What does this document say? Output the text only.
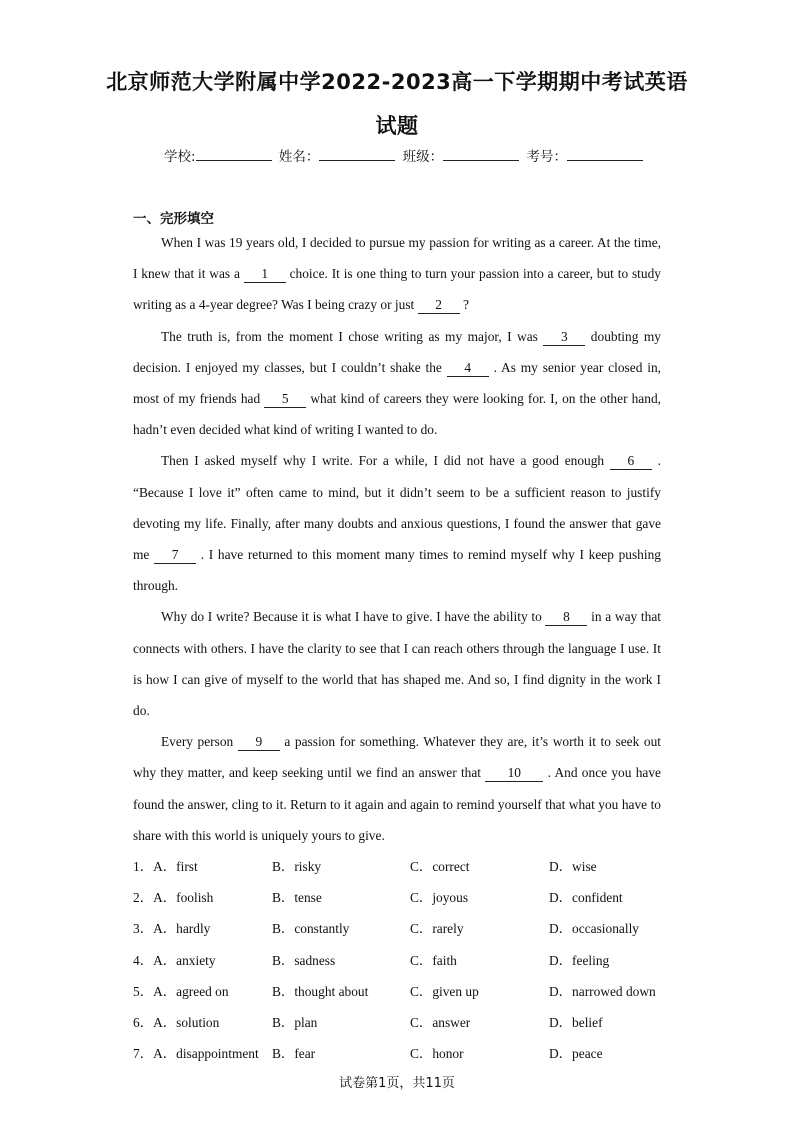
北京师范大学附属中学2022-2023高一下学期期中考试英语
试题
学校:	姓名：	班级：	考号：
一、完形填空

When I was 19 years old, I decided to pursue my passion for writing as a career. At the time, I knew that it was a 1 choice. It is one thing to turn your passion into a career, but to study writing as a 4-year degree? Was I being crazy or just 2 ?

The truth is, from the moment I chose writing as my major, I was 3 doubting my decision. I enjoyed my classes, but I couldn’t shake the 4 . As my senior year closed in, most of my friends had 5 what kind of careers they were looking for. I, on the other hand, hadn’t even decided what kind of writing I wanted to do.

Then I asked myself why I write. For a while, I did not have a good enough 6 . “Because I love it” often came to mind, but it didn’t seem to be a sufficient reason to justify devoting my life. Finally, after many doubts and anxious questions, I found the answer that gave me 7 . I have returned to this moment many times to remind myself why I keep pushing through.

Why do I write? Because it is what I have to give. I have the ability to 8 in a way that connects with others. I have the clarity to see that I can reach others through the language I use. It is how I can give of myself to the world that has shaped me. And so, I find dignity in the work I do.

Every person 9 a passion for something. Whatever they are, it’s worth it to seek out why they matter, and keep seeking until we find an answer that 10 . And once you have found the answer, cling to it. Return to it again and again to remind yourself that what you have to share with this world is uniquely yours to give.

1．A．first	B．risky	C．correct	D．wise
2．A．foolish	B．tense	C．joyous	D．confident
3．A．hardly	B．constantly	C．rarely	D．occasionally
4．A．anxiety	B．sadness	C．faith	D．feeling
5．A．agreed on	B．thought about	C．given up	D．narrowed down
6．A．solution	B．plan	C．answer	D．belief
7．A．disappointment B．fear	C．honor	D．peace
试卷第1页，共11页
